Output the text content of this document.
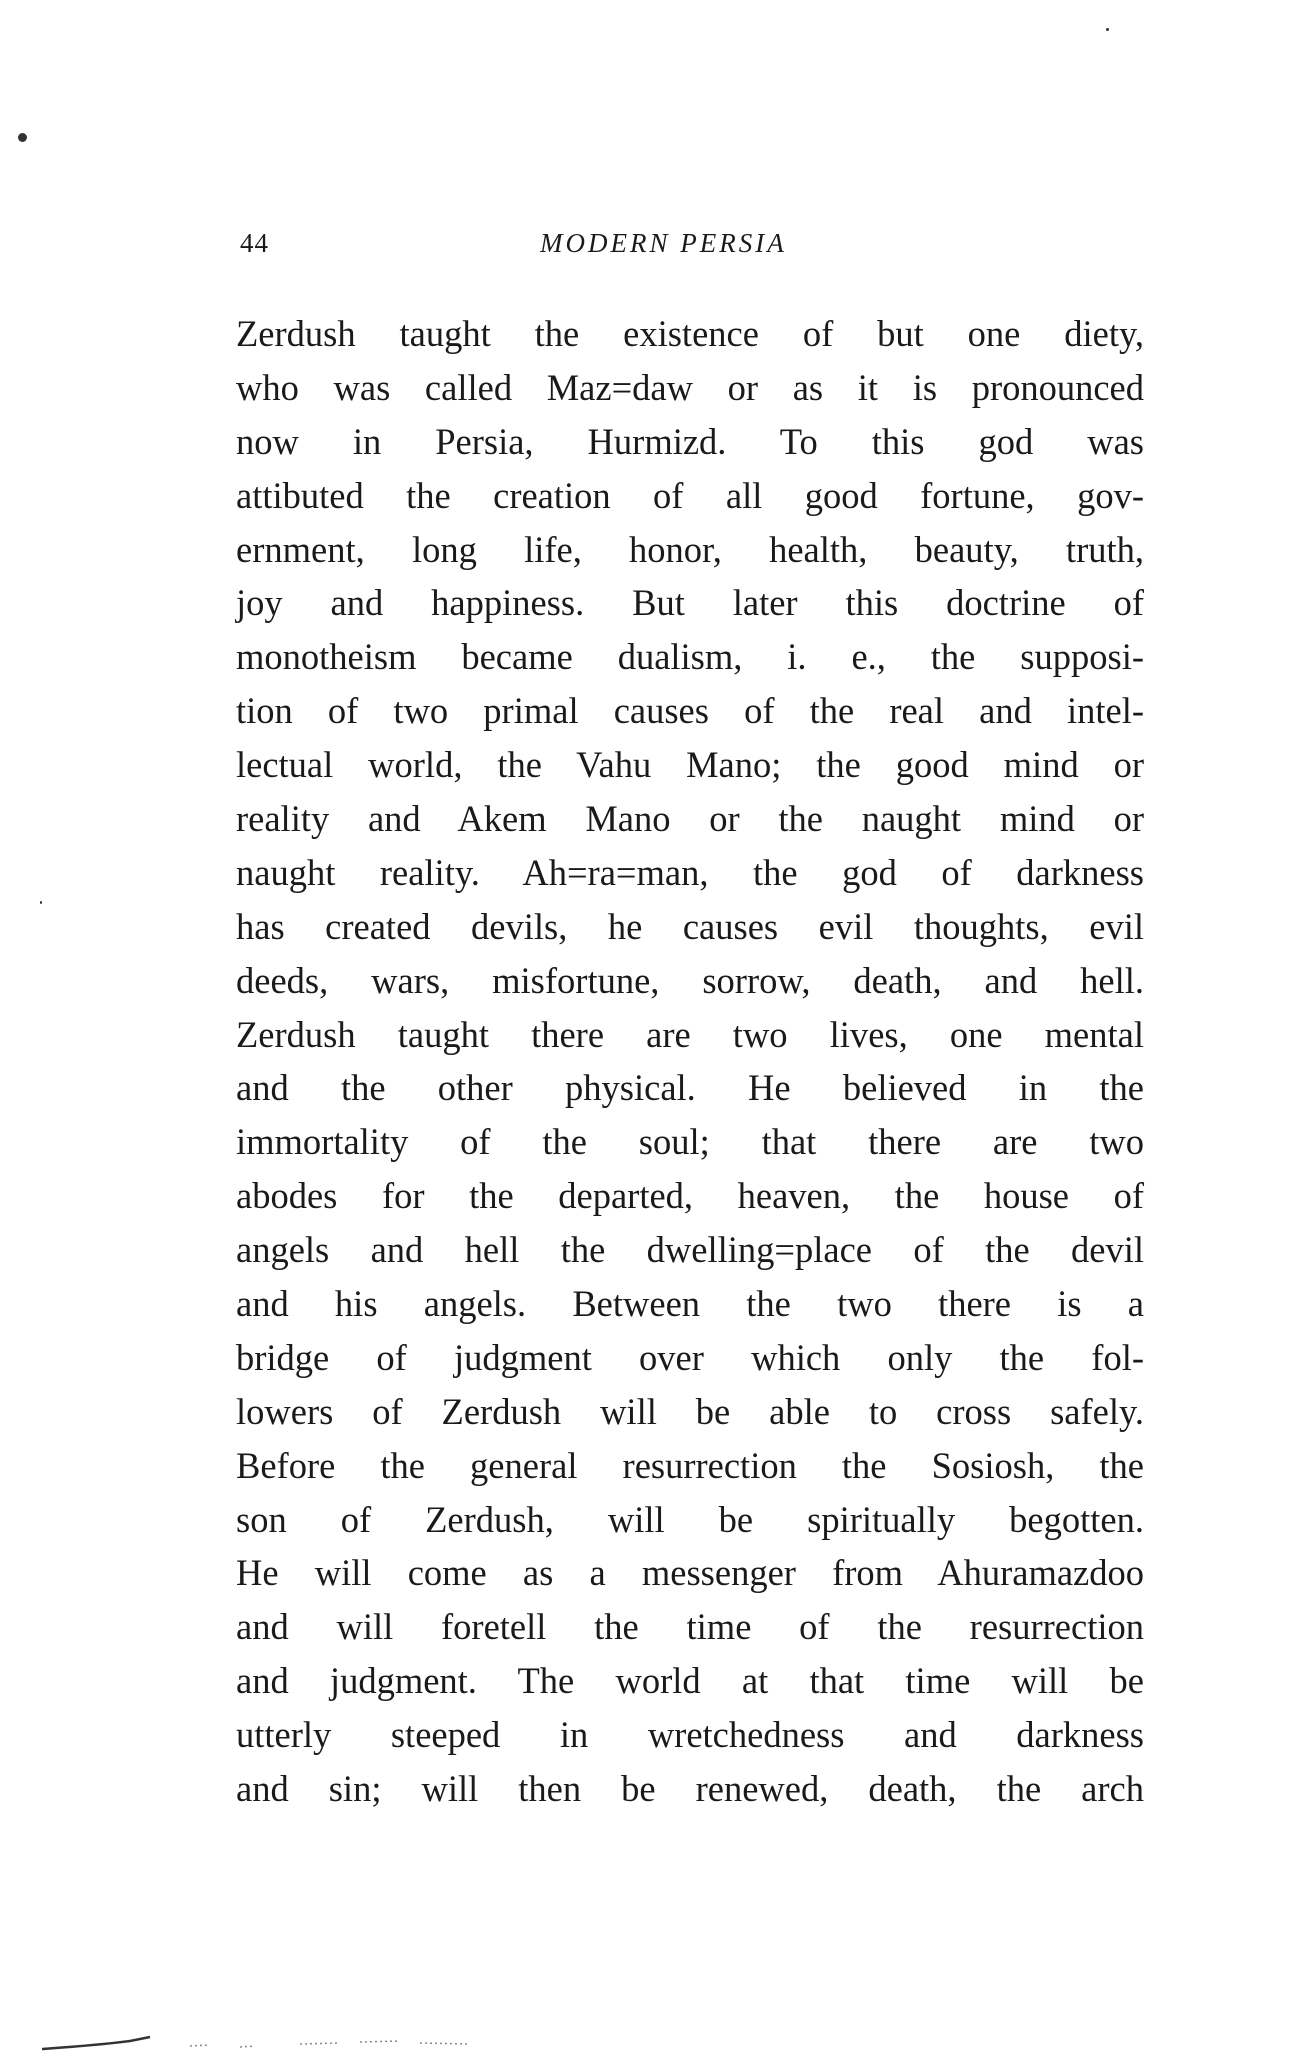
44	MODERN PERSIA
Zerdush taught the existence of but one diety,
who was called Maz=daw or as it is pronounced
now in Persia, Hurmizd. To this god was
attibuted the creation of all good fortune, gov-
ernment, long life, honor, health, beauty, truth,
joy and happiness. But later this doctrine of
monotheism became dualism, i. e., the supposi-
tion of two primal causes of the real and intel-
lectual world, the Vahu Mano; the good mind or
reality and Akem Mano or the naught mind or
naught reality. Ah=ra=man, the god of darkness
has created devils, he causes evil thoughts, evil
deeds, wars, misfortune, sorrow, death, and hell.
Zerdush taught there are two lives, one mental
and the other physical. He believed in the
immortality of the soul; that there are two
abodes for the departed, heaven, the house of
angels and hell the dwelling=place of the devil
and his angels. Between the two there is a
bridge of judgment over which only the fol-
lowers of Zerdush will be able to cross safely.
Before the general resurrection the Sosiosh, the
son of Zerdush, will be spiritually begotten.
He will come as a messenger from Ahuramazdoo
and will foretell the time of the resurrection
and judgment. The world at that time will be
utterly steeped in wretchedness and darkness
and sin; will then be renewed, death, the arch
